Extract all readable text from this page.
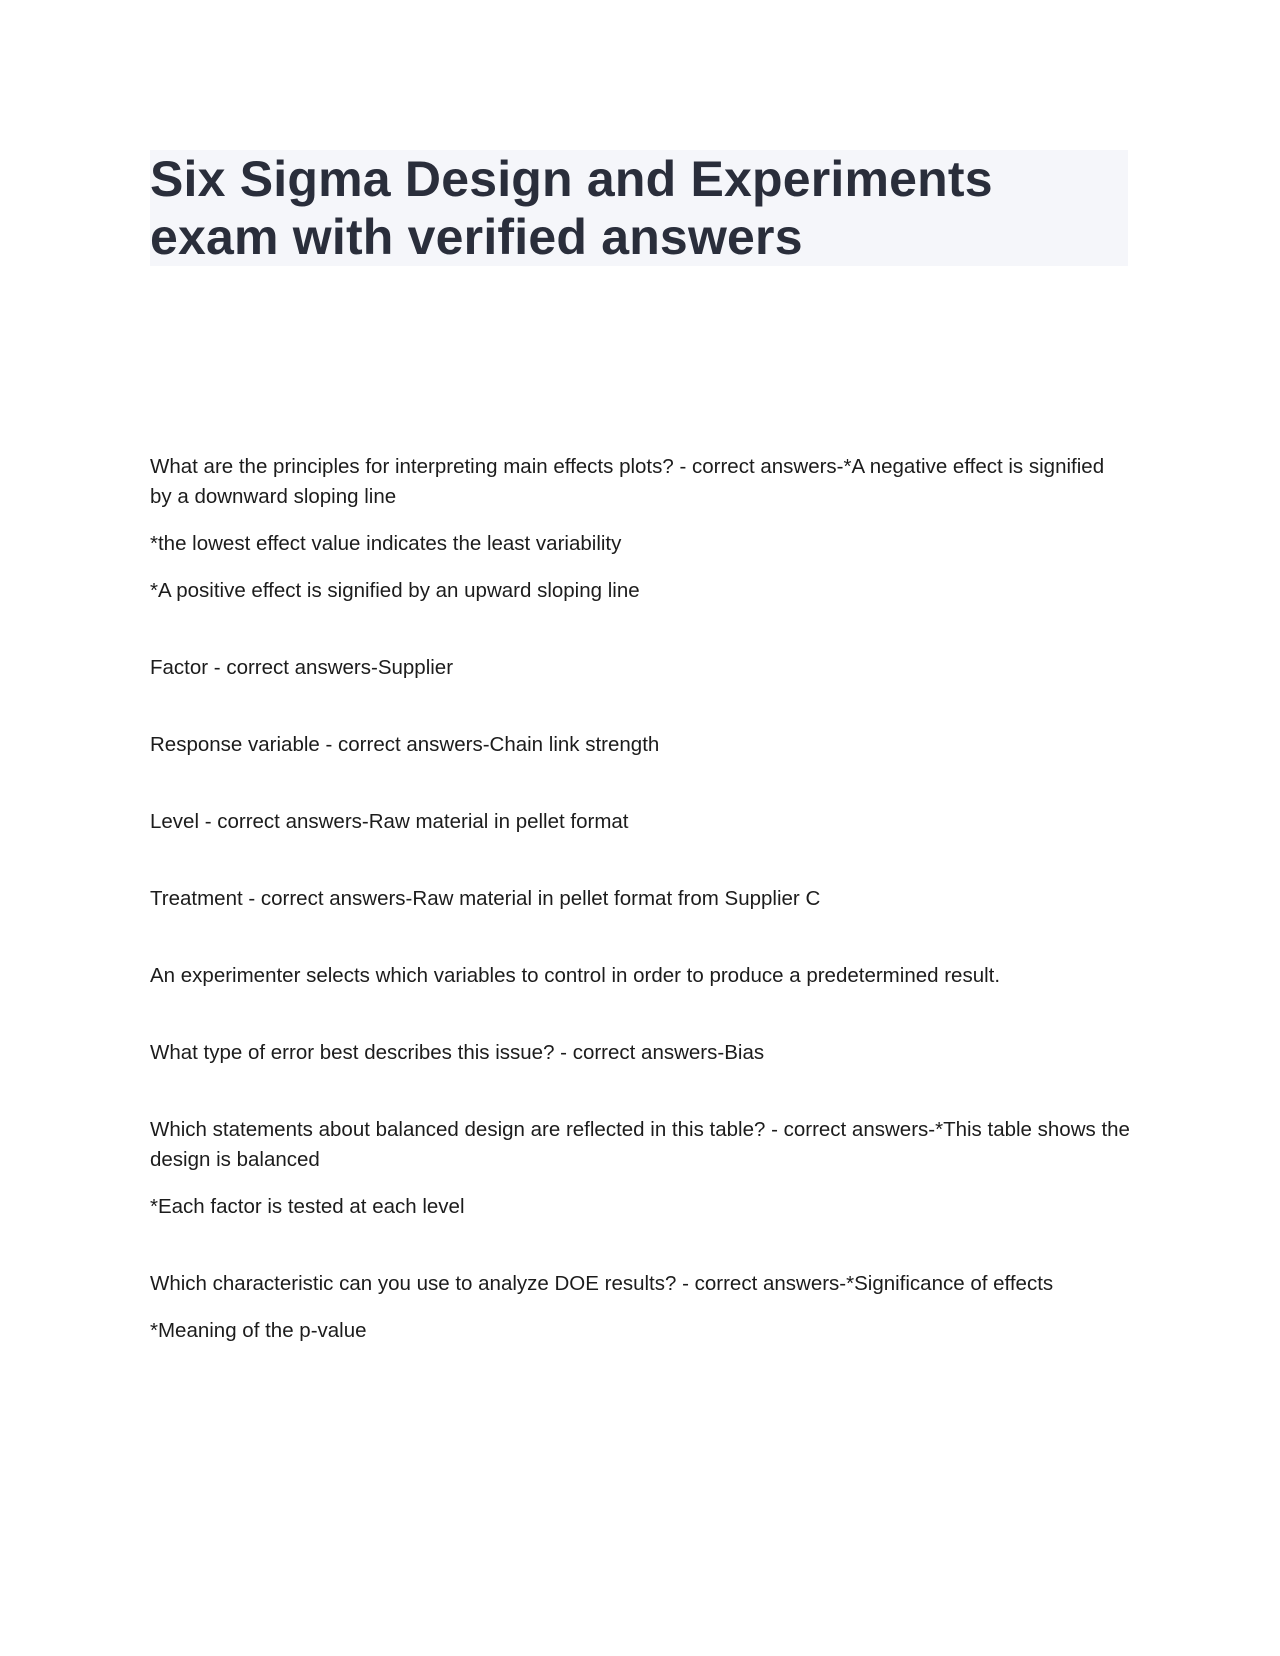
Six Sigma Design and Experiments
exam with verified answers

What are the principles for interpreting main effects plots? - correct answers-*A negative effect is signified by a downward sloping line

*the lowest effect value indicates the least variability

*A positive effect is signified by an upward sloping line

Factor - correct answers-Supplier

Response variable - correct answers-Chain link strength

Level - correct answers-Raw material in pellet format

Treatment - correct answers-Raw material in pellet format from Supplier C

An experimenter selects which variables to control in order to produce a predetermined result.

What type of error best describes this issue? - correct answers-Bias

Which statements about balanced design are reflected in this table? - correct answers-*This table shows the design is balanced

*Each factor is tested at each level

Which characteristic can you use to analyze DOE results? - correct answers-*Significance of effects

*Meaning of the p-value
